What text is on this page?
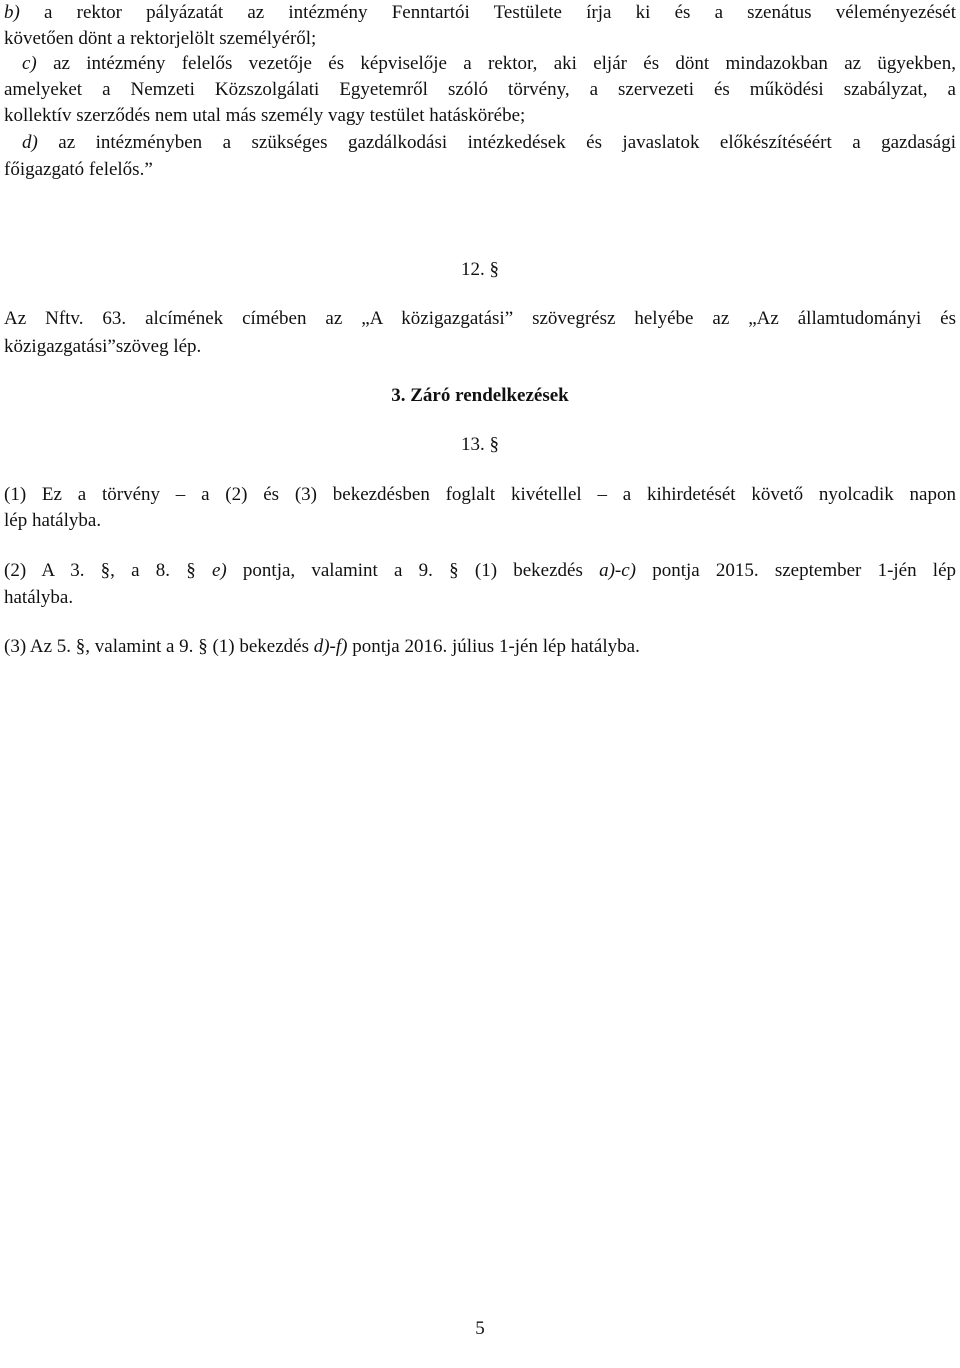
b) a rektor pályázatát az intézmény Fenntartói Testülete írja ki és a szenátus véleményezését

követően dönt a rektorjelölt személyéről;

c) az intézmény felelős vezetője és képviselője a rektor, aki eljár és dönt mindazokban az ügyekben,

amelyeket a Nemzeti Közszolgálati Egyetemről szóló törvény, a szervezeti és működési szabályzat, a

kollektív szerződés nem utal más személy vagy testület hatáskörébe;

d) az intézményben a szükséges gazdálkodási intézkedések és javaslatok előkészítéséért a gazdasági

főigazgató felelős.”

12. §

Az Nftv. 63. alcímének címében az „A közigazgatási” szövegrész helyébe az „Az államtudományi és

közigazgatási”szöveg lép.

3. Záró rendelkezések

13. §

(1) Ez a törvény – a (2) és (3) bekezdésben foglalt kivétellel – a kihirdetését követő nyolcadik napon

lép hatályba.

(2) A 3. §, a 8. § e) pontja, valamint a 9. § (1) bekezdés a)-c) pontja 2015. szeptember 1-jén lép

hatályba.

(3) Az 5. §, valamint a 9. § (1) bekezdés d)-f) pontja 2016. július 1-jén lép hatályba.

5
